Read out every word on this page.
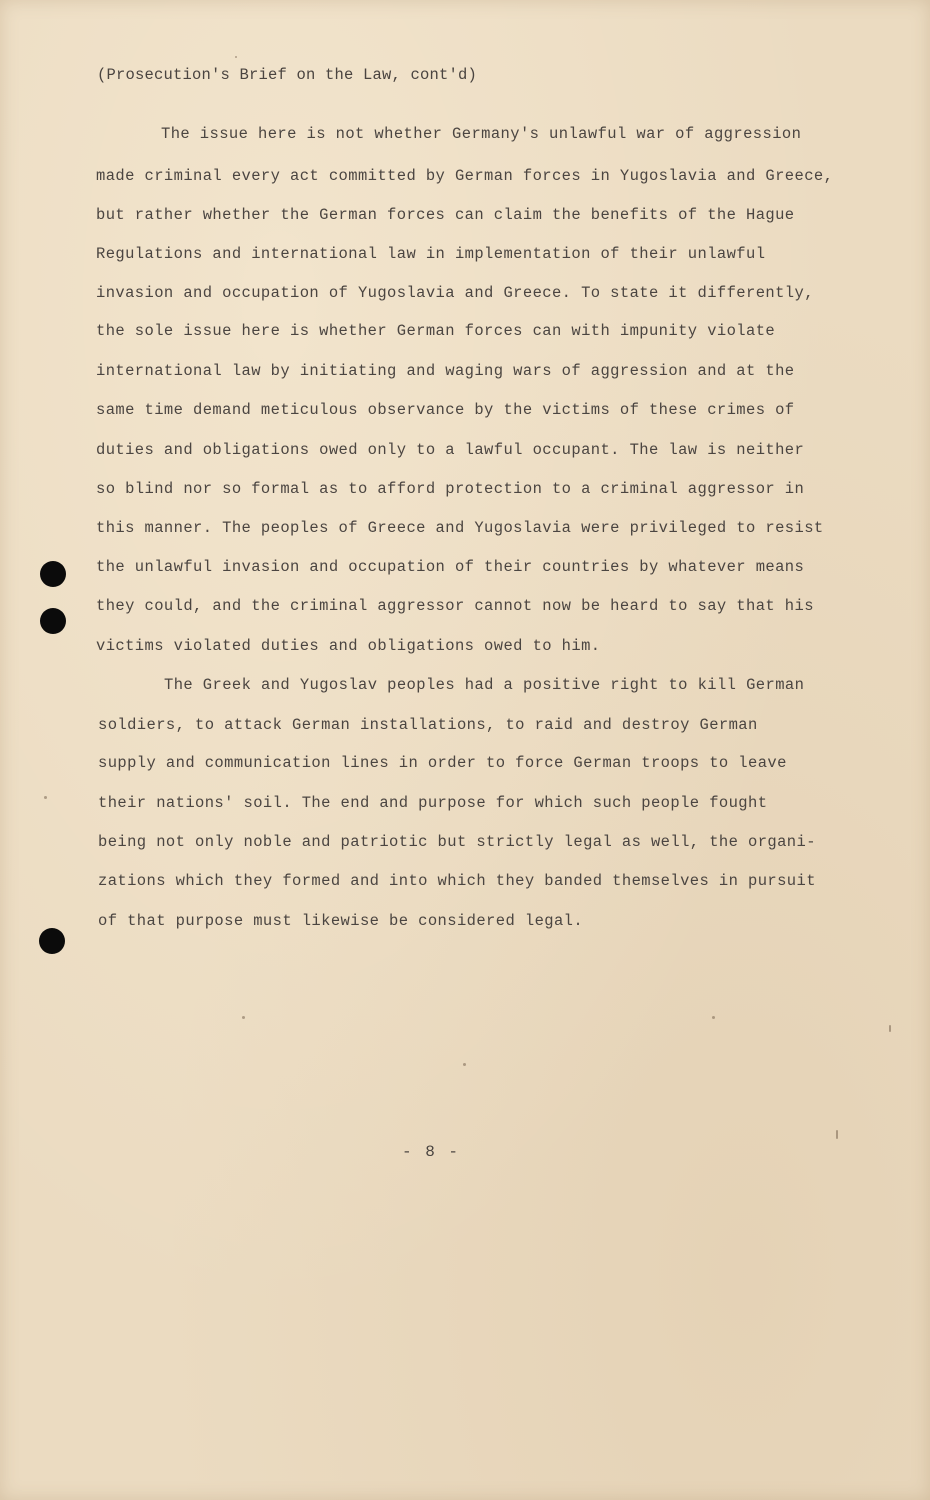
(Prosecution's Brief on the Law, cont'd)
The issue here is not whether Germany's unlawful war of aggression
made criminal every act committed by German forces in Yugoslavia and Greece,
but rather whether the German forces can claim the benefits of the Hague
Regulations and international law in implementation of their unlawful
invasion and occupation of Yugoslavia and Greece. To state it differently,
the sole issue here is whether German forces can with impunity violate
international law by initiating and waging wars of aggression and at the
same time demand meticulous observance by the victims of these crimes of
duties and obligations owed only to a lawful occupant. The law is neither
so blind nor so formal as to afford protection to a criminal aggressor in
this manner. The peoples of Greece and Yugoslavia were privileged to resist
the unlawful invasion and occupation of their countries by whatever means
they could, and the criminal aggressor cannot now be heard to say that his
victims violated duties and obligations owed to him.
The Greek and Yugoslav peoples had a positive right to kill German
soldiers, to attack German installations, to raid and destroy German
supply and communication lines in order to force German troops to leave
their nations' soil. The end and purpose for which such people fought
being not only noble and patriotic but strictly legal as well, the organi-
zations which they formed and into which they banded themselves in pursuit
of that purpose must likewise be considered legal.
- 8 -
